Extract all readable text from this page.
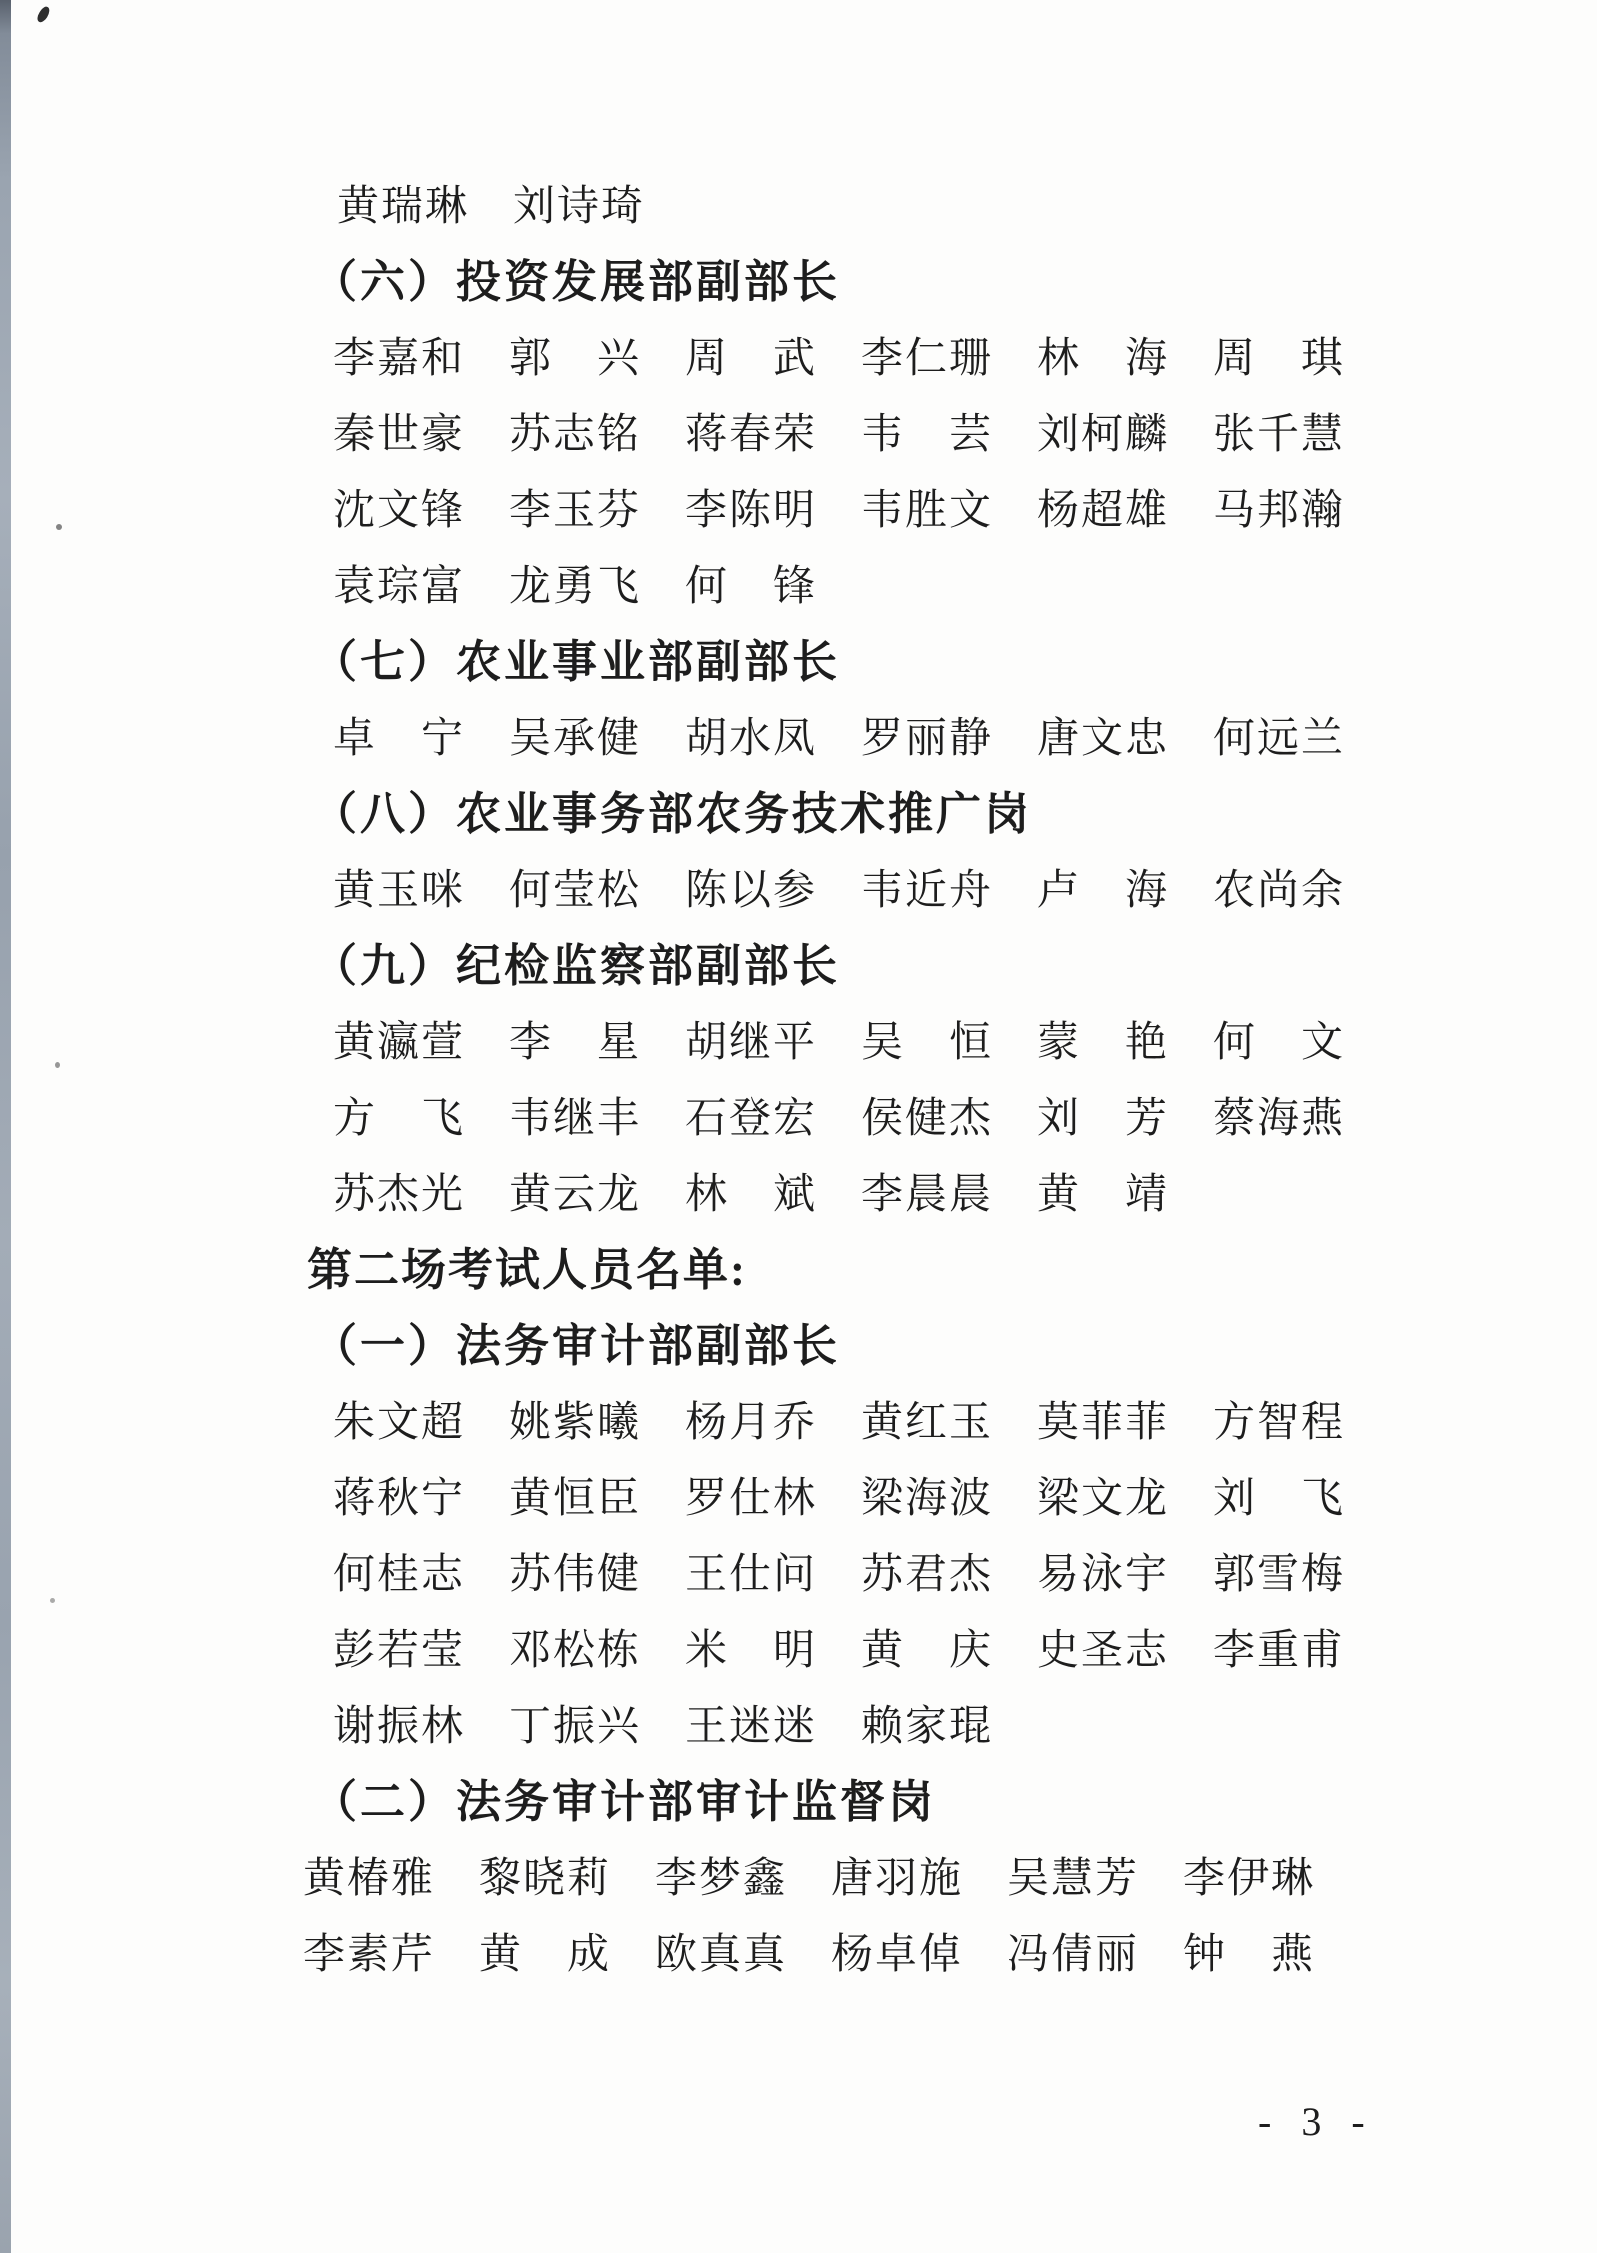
黄瑞琳　刘诗琦
（六）投资发展部副部长
李嘉和　郭　兴　周　武　李仁珊　林　海　周　琪
秦世豪　苏志铭　蒋春荣　韦　芸　刘柯麟　张千慧
沈文锋　李玉芬　李陈明　韦胜文　杨超雄　马邦瀚
袁琮富　龙勇飞　何　锋
（七）农业事业部副部长
卓　宁　吴承健　胡水凤　罗丽静　唐文忠　何远兰
（八）农业事务部农务技术推广岗
黄玉咪　何莹松　陈以参　韦近舟　卢　海　农尚余
（九）纪检监察部副部长
黄瀛萱　李　星　胡继平　吴　恒　蒙　艳　何　文
方　飞　韦继丰　石登宏　侯健杰　刘　芳　蔡海燕
苏杰光　黄云龙　林　斌　李晨晨　黄　靖
第二场考试人员名单:
（一）法务审计部副部长
朱文超　姚紫曦　杨月乔　黄红玉　莫菲菲　方智程
蒋秋宁　黄恒臣　罗仕林　梁海波　梁文龙　刘　飞
何桂志　苏伟健　王仕问　苏君杰　易泳宇　郭雪梅
彭若莹　邓松栋　米　明　黄　庆　史圣志　李重甫
谢振林　丁振兴　王迷迷　赖家琨
（二）法务审计部审计监督岗
黄椿雅　黎晓莉　李梦鑫　唐羽施　吴慧芳　李伊琳
李素芹　黄　成　欧真真　杨卓倬　冯倩丽　钟　燕
- 3 -
